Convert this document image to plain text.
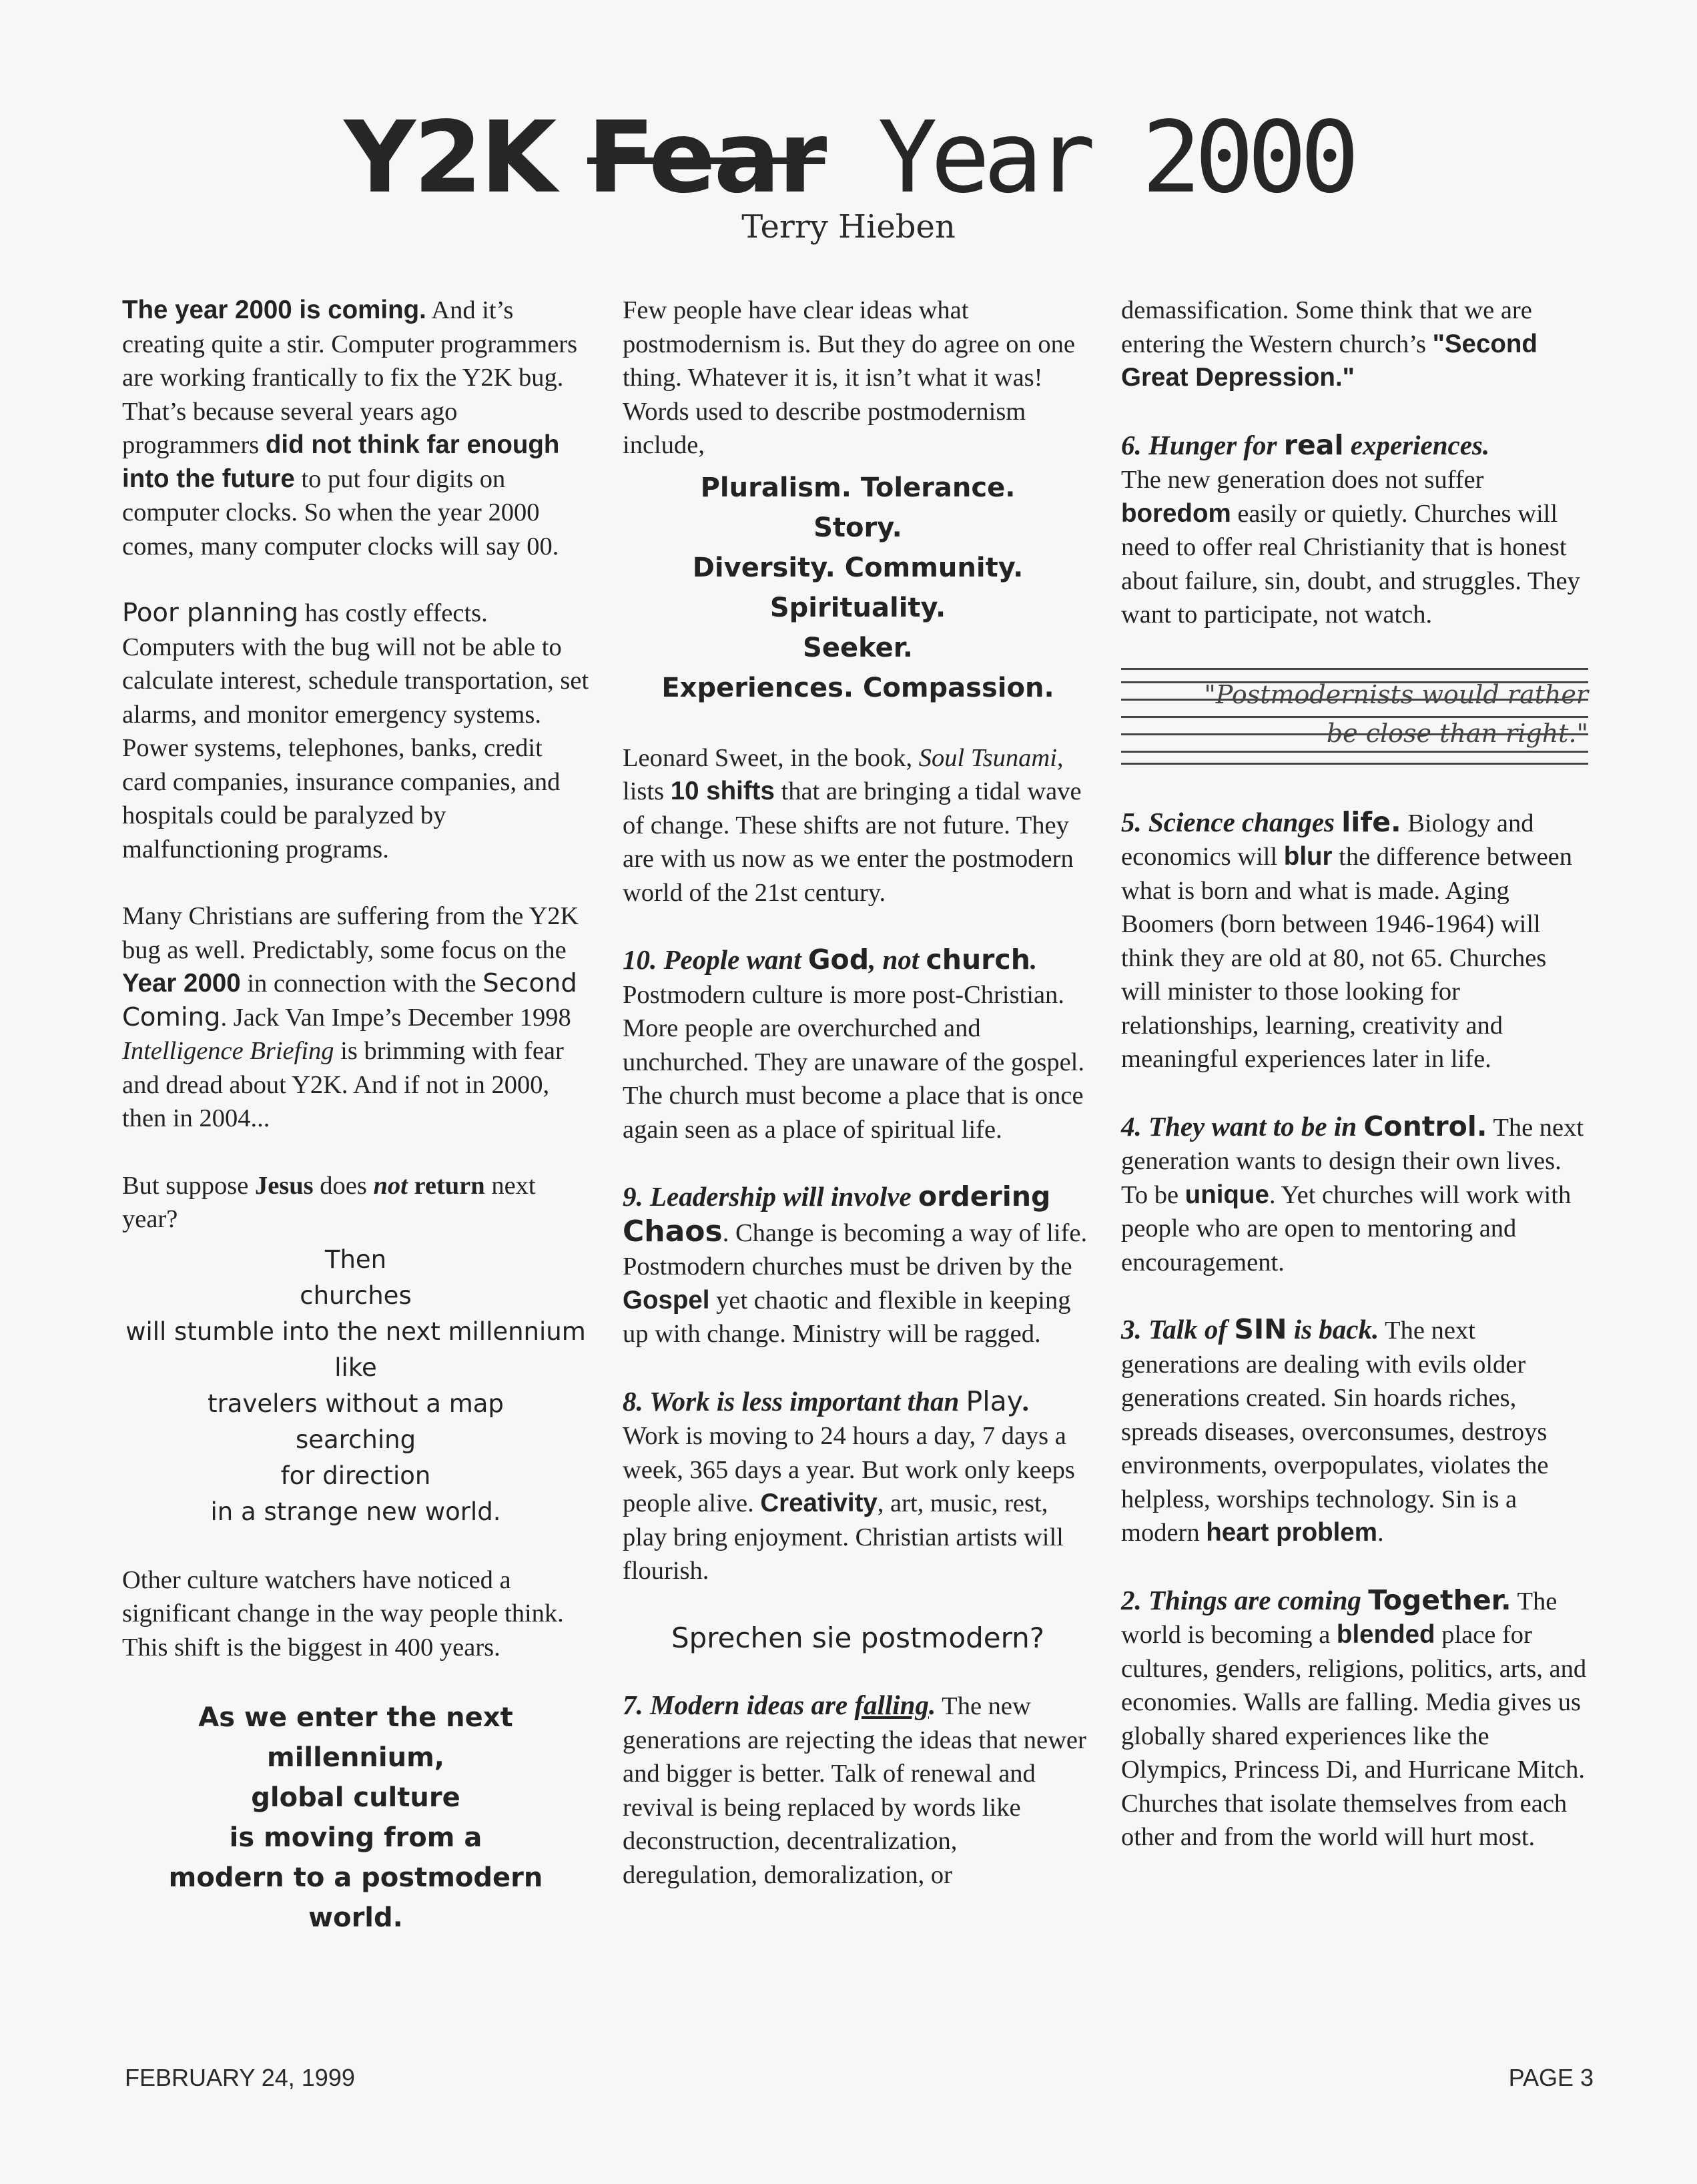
Y2K Fear Year 2000
Terry Hieben

The year 2000 is coming. And it’s creating quite a stir. Computer programmers are working frantically to fix the Y2K bug. That’s because several years ago programmers did not think far enough into the future to put four digits on computer clocks. So when the year 2000 comes, many computer clocks will say 00.

Poor planning has costly effects. Computers with the bug will not be able to calculate interest, schedule transportation, set alarms, and monitor emergency systems. Power systems, telephones, banks, credit card companies, insurance companies, and hospitals could be paralyzed by malfunctioning programs.

Many Christians are suffering from the Y2K bug as well. Predictably, some focus on the Year 2000 in connection with the Second Coming. Jack Van Impe’s December 1998 Intelligence Briefing is brimming with fear and dread about Y2K. And if not in 2000,
then in 2004...

But suppose Jesus does not return next year?

Then
churches
will stumble into the next millennium
like
travelers without a map
searching
for direction
in a strange new world.

Other culture watchers have noticed a significant change in the way people think. This shift is the biggest in 400 years.

As we enter the next millennium,
global culture
is moving from a
modern to a postmodern world.

Few people have clear ideas what postmodernism is. But they do agree on one thing. Whatever it is, it isn’t what it was! Words used to describe postmodernism include,

Pluralism. Tolerance.
Story.
Diversity. Community.
Spirituality.
Seeker.
Experiences. Compassion.

Leonard Sweet, in the book, Soul Tsunami, lists 10 shifts that are bringing a tidal wave of change. These shifts are not future. They are with us now as we enter the postmodern world of the 21st century.

10. People want God, not church.
Postmodern culture is more post-Christian. More people are overchurched and unchurched. They are unaware of the gospel. The church must become a place that is once again seen as a place of spiritual life.

9. Leadership will involve ordering
Chaos. Change is becoming a way of life. Postmodern churches must be driven by the Gospel yet chaotic and flexible in keeping up with change. Ministry will be ragged.

8. Work is less important than Play.
Work is moving to 24 hours a day, 7 days a week, 365 days a year. But work only keeps people alive. Creativity, art, music, rest, play bring enjoyment. Christian artists will flourish.

Sprechen sie postmodern?

7. Modern ideas are falling. The new generations are rejecting the ideas that newer and bigger is better. Talk of renewal and revival is being replaced by words like deconstruction, decentralization, deregulation, demoralization, or

demassification. Some think that we are entering the Western church’s "Second Great Depression."

6. Hunger for real experiences.
The new generation does not suffer boredom easily or quietly. Churches will need to offer real Christianity that is honest about failure, sin, doubt, and struggles. They want to participate, not watch.

"Postmodernists would rather
be close than right."

5. Science changes life. Biology and economics will blur the difference between what is born and what is made. Aging Boomers (born between 1946-1964) will think they are old at 80, not 65. Churches will minister to those looking for relationships, learning, creativity and meaningful experiences later in life.

4. They want to be in Control. The next generation wants to design their own lives. To be unique. Yet churches will work with people who are open to mentoring and encouragement.

3. Talk of SIN is back. The next generations are dealing with evils older generations created. Sin hoards riches, spreads diseases, overconsumes, destroys environments, overpopulates, violates the helpless, worships technology. Sin is a modern heart problem.

2. Things are coming Together. The world is becoming a blended place for cultures, genders, religions, politics, arts, and economies. Walls are falling. Media gives us globally shared experiences like the Olympics, Princess Di, and Hurricane Mitch. Churches that isolate themselves from each other and from the world will hurt most.

FEBRUARY 24, 1999	PAGE 3
